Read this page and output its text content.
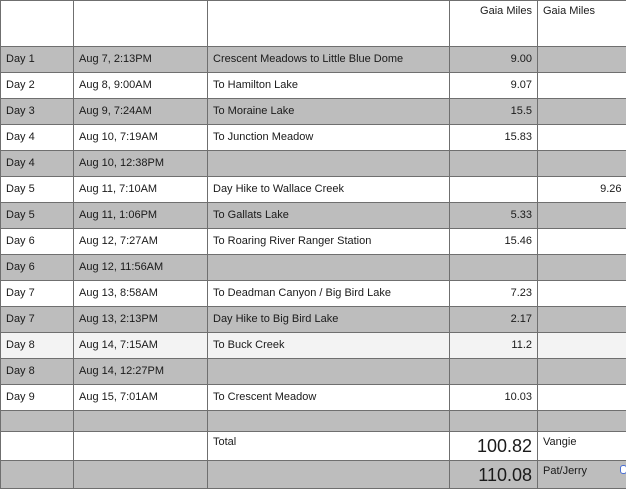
			Gaia Miles	Gaia Miles
Day 1	Aug 7, 2:13PM	Crescent Meadows to Little Blue Dome	9.00	
Day 2	Aug 8, 9:00AM	To Hamilton Lake	9.07	
Day 3	Aug 9, 7:24AM	To Moraine Lake	15.5	
Day 4	Aug 10, 7:19AM	To Junction Meadow	15.83	
Day 4	Aug 10, 12:38PM			
Day 5	Aug 11, 7:10AM	Day Hike to Wallace Creek		9.26
Day 5	Aug 11, 1:06PM	To Gallats Lake	5.33	
Day 6	Aug 12, 7:27AM	To Roaring River Ranger Station	15.46	
Day 6	Aug 12, 11:56AM			
Day 7	Aug 13, 8:58AM	To Deadman Canyon / Big Bird Lake	7.23	
Day 7	Aug 13, 2:13PM	Day Hike to Big Bird Lake	2.17	
Day 8	Aug 14, 7:15AM	To Buck Creek	11.2	
Day 8	Aug 14, 12:27PM			
Day 9	Aug 15, 7:01AM	To Crescent Meadow	10.03	

		Total	100.82	Vangie
			110.08	Pat/Jerry
